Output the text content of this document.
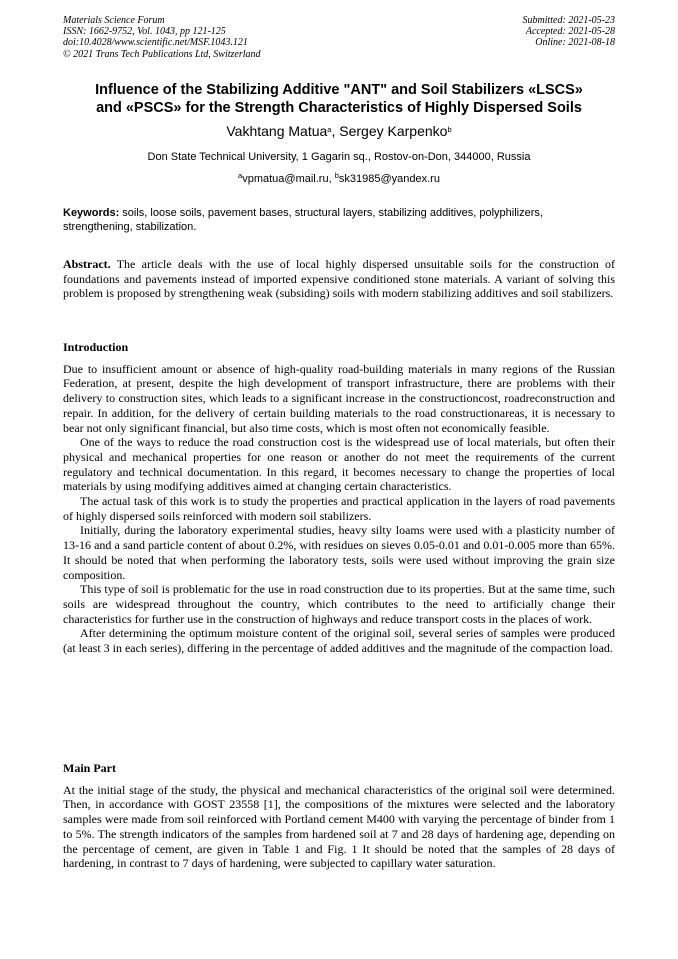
Materials Science Forum
ISSN: 1662-9752, Vol. 1043, pp 121-125
doi:10.4028/www.scientific.net/MSF.1043.121
© 2021 Trans Tech Publications Ltd, Switzerland
Submitted: 2021-05-23
Accepted: 2021-05-28
Online: 2021-08-18
Influence of the Stabilizing Additive "ANT" and Soil Stabilizers «LSCS»
and «PSCS» for the Strength Characteristics of Highly Dispersed Soils
Vakhtang Matua$^a$, Sergey Karpenko$^b$
Don State Technical University, 1 Gagarin sq., Rostov-on-Don, 344000, Russia
$^a$vpmatua@mail.ru, $^b$sk31985@yandex.ru
Keywords: soils, loose soils, pavement bases, structural layers, stabilizing additives, polyphilizers, strengthening, stabilization.

Abstract. The article deals with the use of local highly dispersed unsuitable soils for the construction of foundations and pavements instead of imported expensive conditioned stone materials. A variant of solving this problem is proposed by strengthening weak (subsiding) soils with modern stabilizing additives and soil stabilizers.

Introduction

Due to insufficient amount or absence of high-quality road-building materials in many regions of the Russian Federation, at present, despite the high development of transport infrastructure, there are problems with their delivery to construction sites, which leads to a significant increase in the constructioncost, roadreconstruction and repair. In addition, for the delivery of certain building materials to the road constructionareas, it is necessary to bear not only significant financial, but also time costs, which is most often not economically feasible.

One of the ways to reduce the road construction cost is the widespread use of local materials, but often their physical and mechanical properties for one reason or another do not meet the requirements of the current regulatory and technical documentation. In this regard, it becomes necessary to change the properties of local materials by using modifying additives aimed at changing certain characteristics.

The actual task of this work is to study the properties and practical application in the layers of road pavements of highly dispersed soils reinforced with modern soil stabilizers.

Initially, during the laboratory experimental studies, heavy silty loams were used with a plasticity number of 13-16 and a sand particle content of about 0.2%, with residues on sieves 0.05-0.01 and 0.01-0.005 more than 65%. It should be noted that when performing the laboratory tests, soils were used without improving the grain size composition.

This type of soil is problematic for the use in road construction due to its properties. But at the same time, such soils are widespread throughout the country, which contributes to the need to artificially change their characteristics for further use in the construction of highways and reduce transport costs in the places of work.

After determining the optimum moisture content of the original soil, several series of samples were produced (at least 3 in each series), differing in the percentage of added additives and the magnitude of the compaction load.

Main Part

At the initial stage of the study, the physical and mechanical characteristics of the original soil were determined. Then, in accordance with GOST 23558 [1], the compositions of the mixtures were selected and the laboratory samples were made from soil reinforced with Portland cement M400 with varying the percentage of binder from 1 to 5%. The strength indicators of the samples from hardened soil at 7 and 28 days of hardening age, depending on the percentage of cement, are given in Table 1 and Fig. 1 It should be noted that the samples of 28 days of hardening, in contrast to 7 days of hardening, were subjected to capillary water saturation.
